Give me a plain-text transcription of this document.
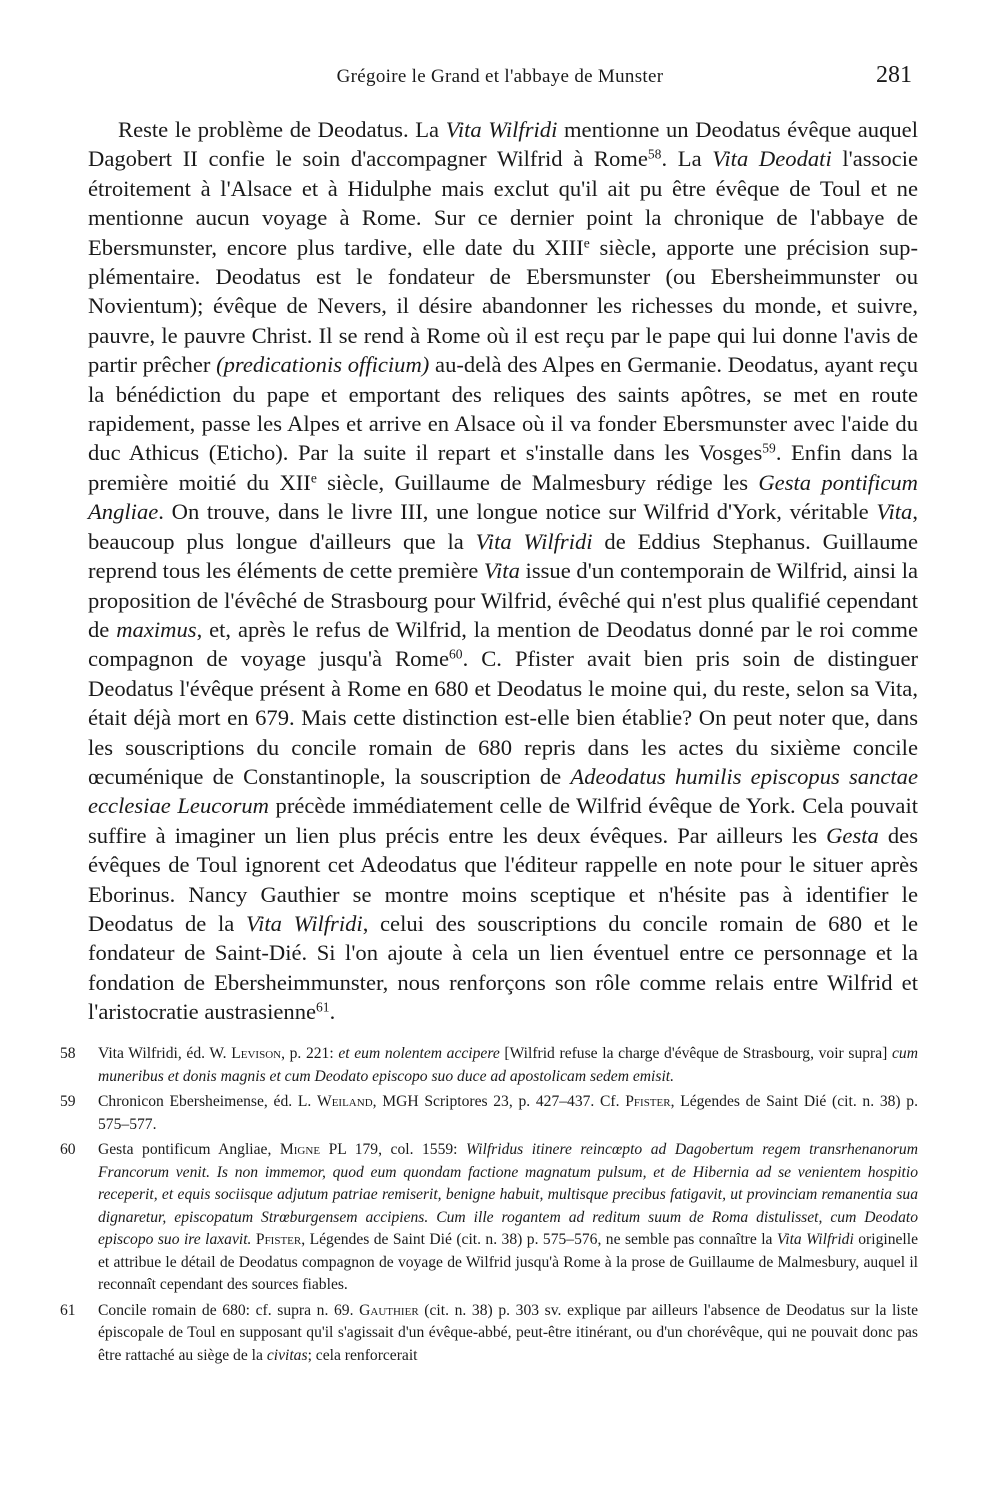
Grégoire le Grand et l'abbaye de Munster	281

Reste le problème de Deodatus. La Vita Wilfridi mentionne un Deodatus évêque auquel Dagobert II confie le soin d'accompagner Wilfrid à Rome$^{58}$. La Vita Deodati l'associe étroitement à l'Alsace et à Hidulphe mais exclut qu'il ait pu être évêque de Toul et ne mentionne aucun voyage à Rome. Sur ce dernier point la chronique de l'abbaye de Ebersmunster, encore plus tardive, elle date du XIIIe siècle, apporte une précision supplémentaire. Deodatus est le fondateur de Ebersmunster (ou Ebersheimmunster ou Novientum); évêque de Nevers, il désire abandonner les richesses du monde, et suivre, pauvre, le pauvre Christ. Il se rend à Rome où il est reçu par le pape qui lui donne l'avis de partir prêcher (predicationis officium) au-delà des Alpes en Germanie. Deodatus, ayant reçu la bénédiction du pape et emportant des reliques des saints apôtres, se met en route rapidement, passe les Alpes et arrive en Alsace où il va fonder Ebersmunster avec l'aide du duc Athicus (Eticho). Par la suite il repart et s'installe dans les Vosges$^{59}$. Enfin dans la première moitié du XIIe siècle, Guillaume de Malmesbury rédige les Gesta pontificum Angliae. On trouve, dans le livre III, une longue notice sur Wilfrid d'York, véritable Vita, beaucoup plus longue d'ailleurs que la Vita Wilfridi de Eddius Stephanus. Guillaume reprend tous les éléments de cette première Vita issue d'un contemporain de Wilfrid, ainsi la proposition de l'évêché de Strasbourg pour Wilfrid, évêché qui n'est plus qualifié cependant de maximus, et, après le refus de Wilfrid, la mention de Deodatus donné par le roi comme compagnon de voyage jusqu'à Rome$^{60}$. C. Pfister avait bien pris soin de distinguer Deodatus l'évêque présent à Rome en 680 et Deodatus le moine qui, du reste, selon sa Vita, était déjà mort en 679. Mais cette distinction est-elle bien établie? On peut noter que, dans les souscriptions du concile romain de 680 repris dans les actes du sixième concile œcuménique de Constantinople, la souscription de Adeodatus humilis episcopus sanctae ecclesiae Leucorum précède immédiatement celle de Wilfrid évêque de York. Cela pouvait suffire à imaginer un lien plus précis entre les deux évêques. Par ailleurs les Gesta des évêques de Toul ignorent cet Adeodatus que l'éditeur rappelle en note pour le situer après Eborinus. Nancy Gauthier se montre moins sceptique et n'hésite pas à identifier le Deodatus de la Vita Wilfridi, celui des souscriptions du concile romain de 680 et le fondateur de Saint-Dié. Si l'on ajoute à cela un lien éventuel entre ce personnage et la fondation de Ebersheimmunster, nous renforçons son rôle comme relais entre Wilfrid et l'aristocratie austrasienne$^{61}$.

58 Vita Wilfridi, éd. W. Levison, p. 221: et eum nolentem accipere [Wilfrid refuse la charge d'évêque de Strasbourg, voir supra] cum muneribus et donis magnis et cum Deodato episcopo suo duce ad apostolicam sedem emisit.
59 Chronicon Ebersheimense, éd. L. Weiland, MGH Scriptores 23, p. 427–437. Cf. Pfister, Légendes de Saint Dié (cit. n. 38) p. 575–577.
60 Gesta pontificum Angliae, Migne PL 179, col. 1559: Wilfridus itinere reincœpto ad Dagobertum regem transrhenanorum Francorum venit. Is non immemor, quod eum quondam factione magnatum pulsum, et de Hibernia ad se venientem hospitio receperit, et equis sociisque adjutum patriae remiserit, benigne habuit, multisque precibus fatigavit, ut provinciam remanentia sua dignaretur, episcopatum Strœburgensem accipiens. Cum ille rogantem ad reditum suum de Roma distulisset, cum Deodato episcopo suo ire laxavit. Pfister, Légendes de Saint Dié (cit. n. 38) p. 575–576, ne semble pas connaître la Vita Wilfridi originelle et attribue le détail de Deodatus compagnon de voyage de Wilfrid jusqu'à Rome à la prose de Guillaume de Malmesbury, auquel il reconnaît cependant des sources fiables.
61 Concile romain de 680: cf. supra n. 69. Gauthier (cit. n. 38) p. 303 sv. explique par ailleurs l'absence de Deodatus sur la liste épiscopale de Toul en supposant qu'il s'agissait d'un évêque-abbé, peut-être itinérant, ou d'un chorévêque, qui ne pouvait donc pas être rattaché au siège de la civitas; cela renforcerait
